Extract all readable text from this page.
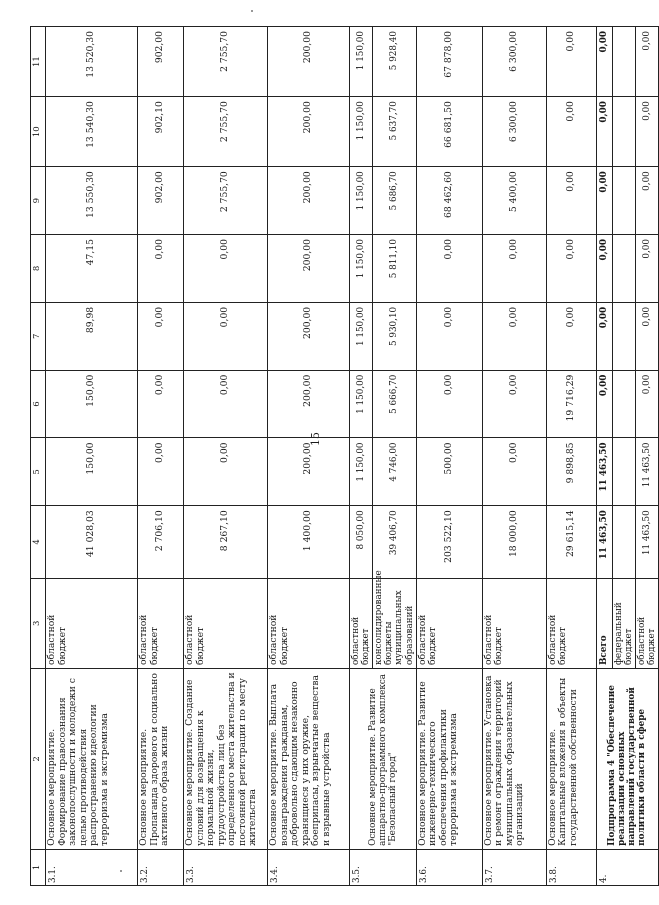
15
1	2	3	4	5	6	7	8	9	10	11
3.1.	Основное мероприятие. Формирование правосознания законопослушности и молодежи с целью противодействия распространению идеологии терроризма и экстремизма	областной бюджет	41 028,03	150,00	150,00	89,98	47,15	13 550,30	13 540,30	13 520,30
3.2.	Основное мероприятие. Пропаганда здорового и социально активного образа жизни	областной бюджет	2 706,10	0,00	0,00	0,00	0,00	902,00	902,10	902,00
3.3.	Основное мероприятие. Создание условий для возвращения к нормальной жизни, трудоустройства лиц без определенного места жительства и постоянной регистрации по месту жительства	областной бюджет	8 267,10	0,00	0,00	0,00	0,00	2 755,70	2 755,70	2 755,70
3.4.	Основное мероприятие. Выплата вознаграждения гражданам, добровольно сдающим незаконно хранящиеся у них оружие, боеприпасы, взрывчатые вещества и взрывные устройства	областной бюджет	1 400,00	200,00	200,00	200,00	200,00	200,00	200,00	200,00
3.5.	Основное мероприятие. Развитие аппаратно-программного комплекса "Безопасный город"	областной бюджет	8 050,00	1 150,00	1 150,00	1 150,00	1 150,00	1 150,00	1 150,00	1 150,00
		консолидированные бюджеты муниципальных образований	39 406,70	4 746,00	5 666,70	5 930,10	5 811,10	5 686,70	5 637,70	5 928,40
3.6.	Основное мероприятие. Развитие инженерно-технического обеспечения профилактики терроризма и экстремизма	областной бюджет	203 522,10	500,00	0,00	0,00	0,00	68 462,60	66 681,50	67 878,00
3.7.	Основное мероприятие. Установка и ремонт ограждения территорий муниципальных образовательных организаций	областной бюджет	18 000,00	0,00	0,00	0,00	0,00	5 400,00	6 300,00	6 300,00
3.8.	Основное мероприятие. Капитальные вложения в объекты государственной собственности	областной бюджет	29 615,14	9 898,85	19 716,29	0,00	0,00	0,00	0,00	0,00
4.	Подпрограмма 4 "Обеспечение реализации основных направлений государственной политики области в сфере	Всего	11 463,50	11 463,50	0,00	0,00	0,00	0,00	0,00	0,00
		федеральный бюджет								
		областной бюджет	11 463,50	11 463,50	0,00	0,00	0,00	0,00	0,00	0,00
